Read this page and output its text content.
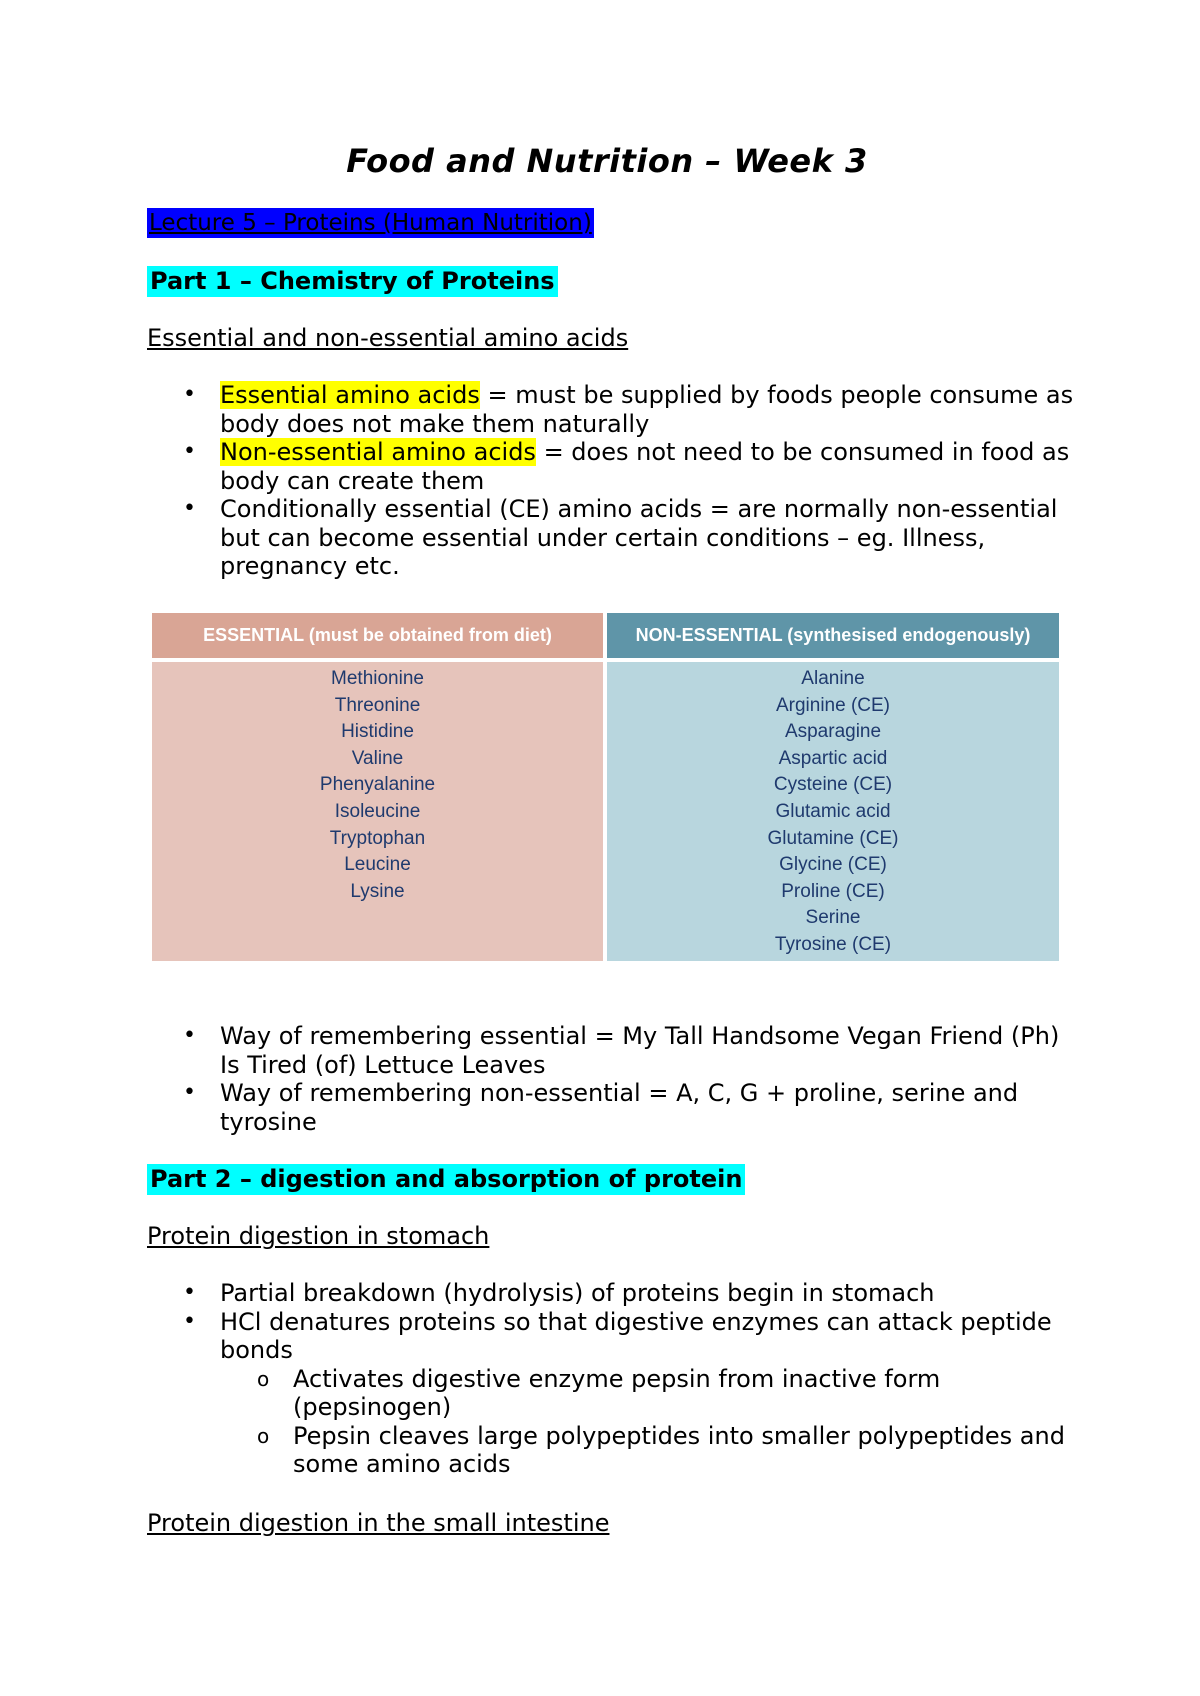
Food and Nutrition – Week 3
Lecture 5 – Proteins (Human Nutrition)
Part 1 – Chemistry of Proteins
Essential and non-essential amino acids
• Essential amino acids = must be supplied by foods people consume as body does not make them naturally
• Non-essential amino acids = does not need to be consumed in food as body can create them
• Conditionally essential (CE) amino acids = are normally non-essential but can become essential under certain conditions – eg. Illness, pregnancy etc.
ESSENTIAL (must be obtained from diet)	NON-ESSENTIAL (synthesised endogenously)
Methionine
Threonine
Histidine
Valine
Phenyalanine
Isoleucine
Tryptophan
Leucine
Lysine
Alanine
Arginine (CE)
Asparagine
Aspartic acid
Cysteine (CE)
Glutamic acid
Glutamine (CE)
Glycine (CE)
Proline (CE)
Serine
Tyrosine (CE)
• Way of remembering essential = My Tall Handsome Vegan Friend (Ph) Is Tired (of) Lettuce Leaves
• Way of remembering non-essential = A, C, G + proline, serine and tyrosine
Part 2 – digestion and absorption of protein
Protein digestion in stomach
• Partial breakdown (hydrolysis) of proteins begin in stomach
• HCl denatures proteins so that digestive enzymes can attack peptide bonds
o Activates digestive enzyme pepsin from inactive form (pepsinogen)
o Pepsin cleaves large polypeptides into smaller polypeptides and some amino acids
Protein digestion in the small intestine
